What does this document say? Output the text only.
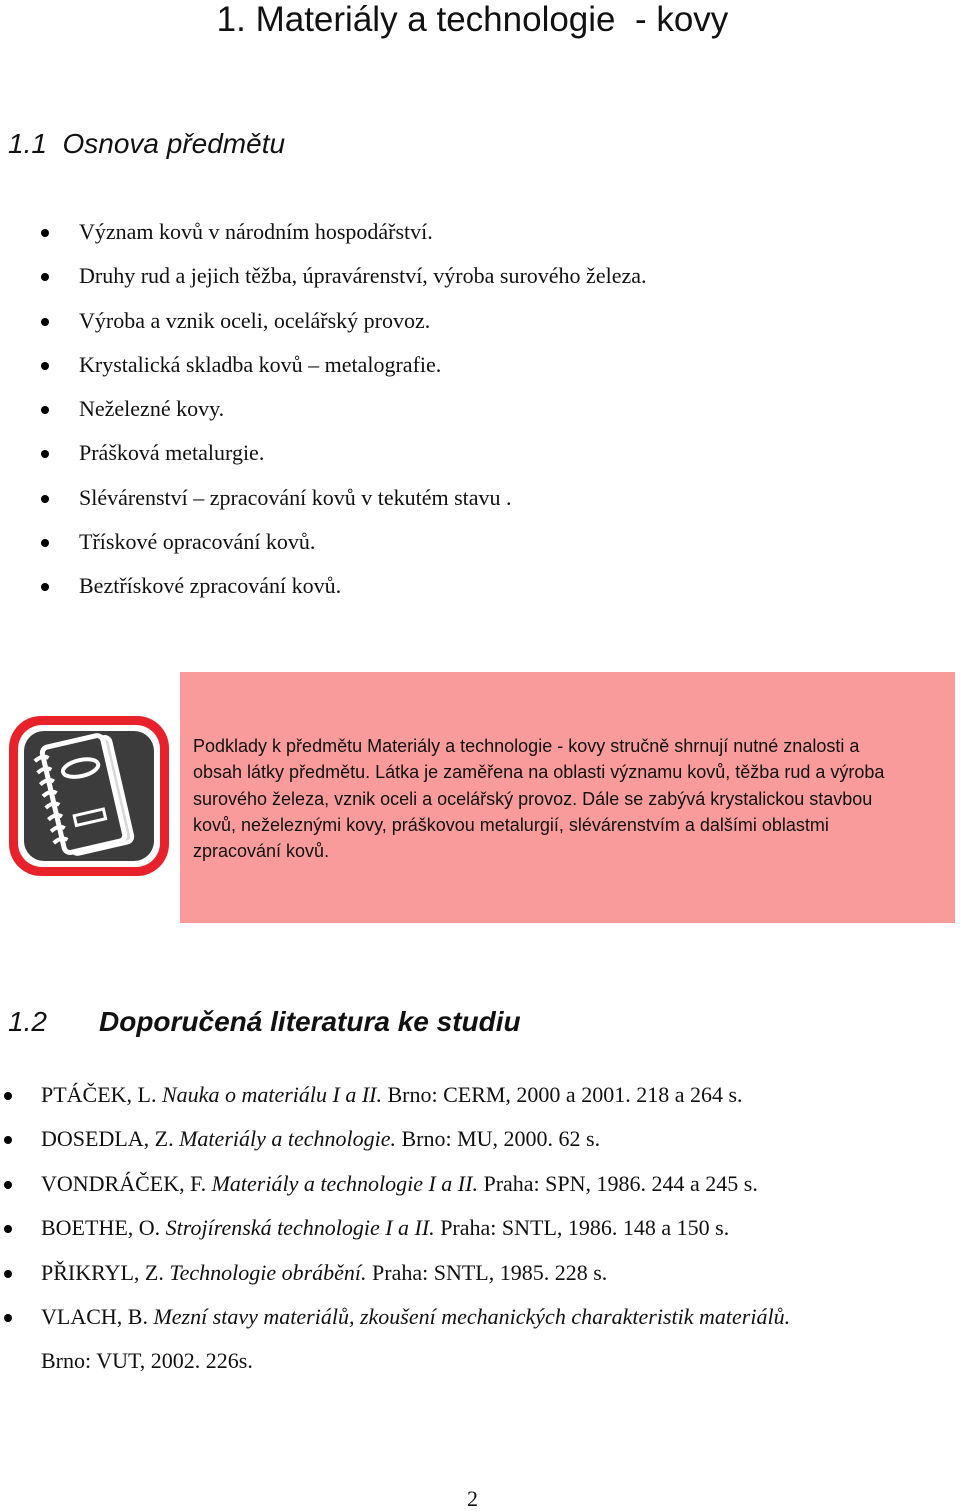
1. Materiály a technologie  - kovy
1.1  Osnova předmětu
Význam kovů v národním hospodářství.
Druhy rud a jejich těžba, úpravárenství, výroba surového železa.
Výroba a vznik oceli, ocelářský provoz.
Krystalická skladba kovů – metalografie.
Neželezné kovy.
Prášková metalurgie.
Slévárenství – zpracování kovů v tekutém stavu .
Třískové opracování kovů.
Beztřískové zpracování kovů.
Podklady k předmětu Materiály a technologie - kovy stručně shrnují nutné znalosti a obsah látky předmětu. Látka je zaměřena na oblasti významu kovů, těžba rud a výroba surového železa, vznik oceli a ocelářský provoz. Dále se zabývá krystalickou stavbou kovů, neželeznými kovy, práškovou metalurgií, slévárenstvím a dalšími oblastmi zpracování kovů.
1.2 Doporučená literatura ke studiu
PTÁČEK, L. Nauka o materiálu I a II. Brno: CERM, 2000 a 2001. 218 a 264 s.
DOSEDLA, Z. Materiály a technologie. Brno: MU, 2000. 62 s.
VONDRÁČEK, F. Materiály a technologie I a II. Praha: SPN, 1986. 244 a 245 s.
BOETHE, O. Strojírenská technologie I a II. Praha: SNTL, 1986. 148 a 150 s.
PŘIKRYL, Z. Technologie obrábění. Praha: SNTL, 1985. 228 s.
VLACH, B. Mezní stavy materiálů, zkoušení mechanických charakteristik materiálů.
Brno: VUT, 2002. 226s.
2
